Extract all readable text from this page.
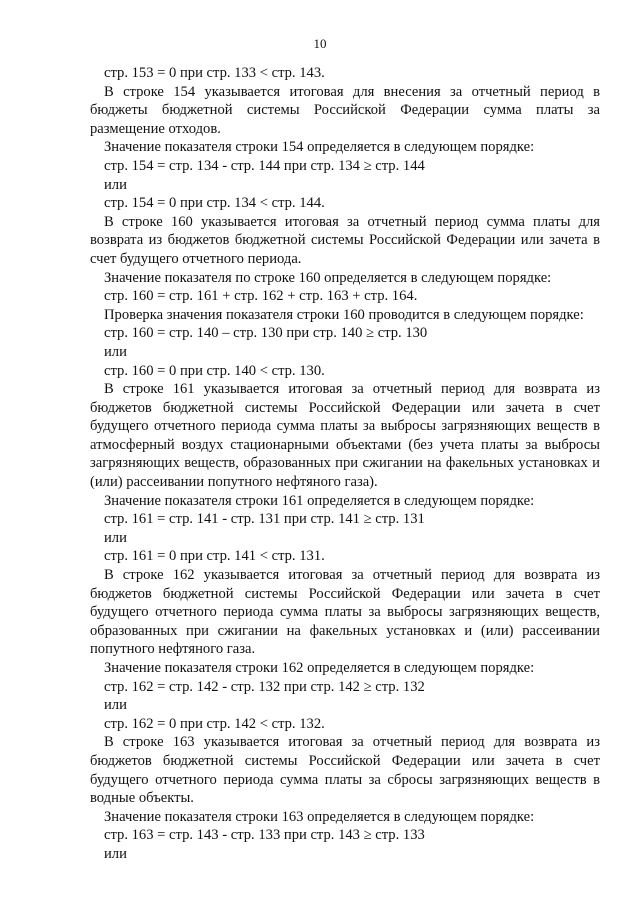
10

стр. 153 = 0 при стр. 133 < стр. 143.

В строке 154 указывается итоговая для внесения за отчетный период в бюджеты бюджетной системы Российской Федерации сумма платы за размещение отходов.

Значение показателя строки 154 определяется в следующем порядке:

стр. 154 = стр. 134 - стр. 144 при стр. 134 ≥ стр. 144

или

стр. 154 = 0 при стр. 134 < стр. 144.

В строке 160 указывается итоговая за отчетный период сумма платы для возврата из бюджетов бюджетной системы Российской Федерации или зачета в счет будущего отчетного периода.

Значение показателя по строке 160 определяется в следующем порядке:

стр. 160 = стр. 161 + стр. 162 + стр. 163 + стр. 164.

Проверка значения показателя строки 160 проводится в следующем порядке:

стр. 160 = стр. 140 – стр. 130 при стр. 140 ≥ стр. 130

или

стр. 160 = 0 при стр. 140 < стр. 130.

В строке 161 указывается итоговая за отчетный период для возврата из бюджетов бюджетной системы Российской Федерации или зачета в счет будущего отчетного периода сумма платы за выбросы загрязняющих веществ в атмосферный воздух стационарными объектами (без учета платы за выбросы загрязняющих веществ, образованных при сжигании на факельных установках и (или) рассеивании попутного нефтяного газа).

Значение показателя строки 161 определяется в следующем порядке:

стр. 161 = стр. 141 - стр. 131 при стр. 141 ≥ стр. 131

или

стр. 161 = 0 при стр. 141 < стр. 131.

В строке 162 указывается итоговая за отчетный период для возврата из бюджетов бюджетной системы Российской Федерации или зачета в счет будущего отчетного периода сумма платы за выбросы загрязняющих веществ, образованных при сжигании на факельных установках и (или) рассеивании попутного нефтяного газа.

Значение показателя строки 162 определяется в следующем порядке:

стр. 162 = стр. 142 - стр. 132 при стр. 142 ≥ стр. 132

или

стр. 162 = 0 при стр. 142 < стр. 132.

В строке 163 указывается итоговая за отчетный период для возврата из бюджетов бюджетной системы Российской Федерации или зачета в счет будущего отчетного периода сумма платы за сбросы загрязняющих веществ в водные объекты.

Значение показателя строки 163 определяется в следующем порядке:

стр. 163 = стр. 143 - стр. 133 при стр. 143 ≥ стр. 133

или
